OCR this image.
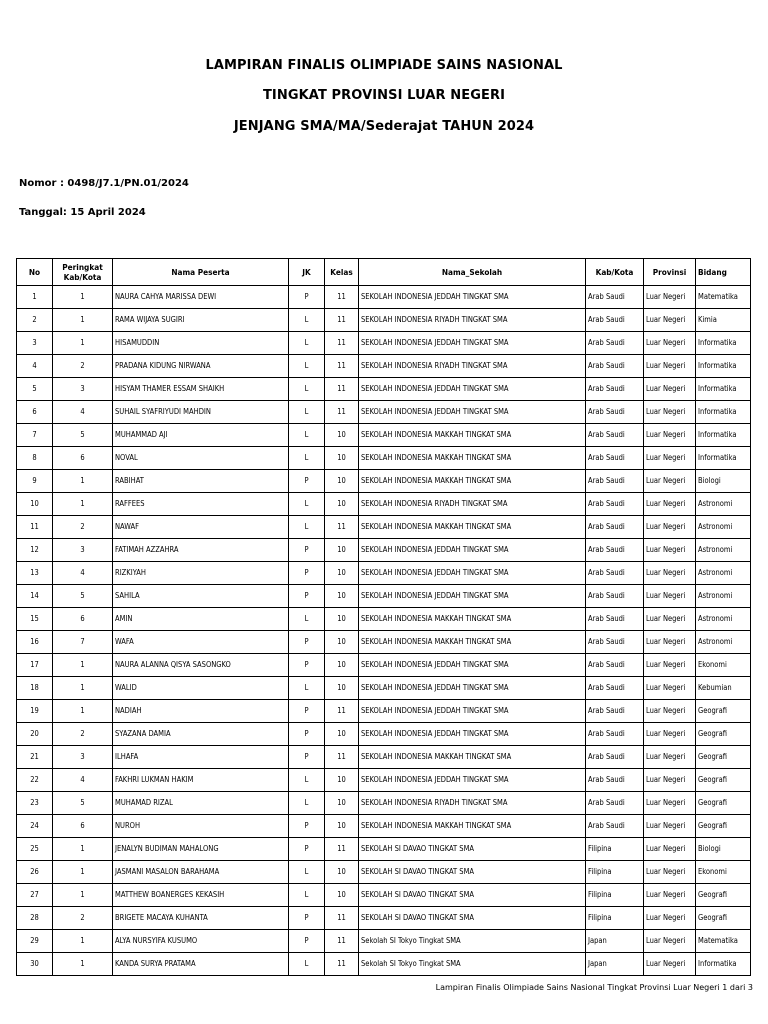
LAMPIRAN FINALIS OLIMPIADE SAINS NASIONAL
TINGKAT PROVINSI LUAR NEGERI
JENJANG SMA/MA/Sederajat TAHUN 2024
Nomor : 0498/J7.1/PN.01/2024
Tanggal: 15 April 2024
No	Peringkat Kab/Kota	Nama Peserta	JK	Kelas	Nama_Sekolah	Kab/Kota	Provinsi	Bidang
1	1	NAURA CAHYA MARISSA DEWI	P	11	SEKOLAH INDONESIA JEDDAH TINGKAT SMA	Arab Saudi	Luar Negeri	Matematika
2	1	RAMA WIJAYA SUGIRI	L	11	SEKOLAH INDONESIA RIYADH TINGKAT SMA	Arab Saudi	Luar Negeri	Kimia
3	1	HISAMUDDIN	L	11	SEKOLAH INDONESIA JEDDAH TINGKAT SMA	Arab Saudi	Luar Negeri	Informatika
4	2	PRADANA KIDUNG NIRWANA	L	11	SEKOLAH INDONESIA RIYADH TINGKAT SMA	Arab Saudi	Luar Negeri	Informatika
5	3	HISYAM THAMER ESSAM SHAIKH	L	11	SEKOLAH INDONESIA JEDDAH TINGKAT SMA	Arab Saudi	Luar Negeri	Informatika
6	4	SUHAIL SYAFRIYUDI MAHDIN	L	11	SEKOLAH INDONESIA JEDDAH TINGKAT SMA	Arab Saudi	Luar Negeri	Informatika
7	5	MUHAMMAD AJI	L	10	SEKOLAH INDONESIA MAKKAH TINGKAT SMA	Arab Saudi	Luar Negeri	Informatika
8	6	NOVAL	L	10	SEKOLAH INDONESIA MAKKAH TINGKAT SMA	Arab Saudi	Luar Negeri	Informatika
9	1	RABIHAT	P	10	SEKOLAH INDONESIA MAKKAH TINGKAT SMA	Arab Saudi	Luar Negeri	Biologi
10	1	RAFFEES	L	10	SEKOLAH INDONESIA RIYADH TINGKAT SMA	Arab Saudi	Luar Negeri	Astronomi
11	2	NAWAF	L	11	SEKOLAH INDONESIA MAKKAH TINGKAT SMA	Arab Saudi	Luar Negeri	Astronomi
12	3	FATIMAH AZZAHRA	P	10	SEKOLAH INDONESIA JEDDAH TINGKAT SMA	Arab Saudi	Luar Negeri	Astronomi
13	4	RIZKIYAH	P	10	SEKOLAH INDONESIA JEDDAH TINGKAT SMA	Arab Saudi	Luar Negeri	Astronomi
14	5	SAHILA	P	10	SEKOLAH INDONESIA JEDDAH TINGKAT SMA	Arab Saudi	Luar Negeri	Astronomi
15	6	AMIN	L	10	SEKOLAH INDONESIA MAKKAH TINGKAT SMA	Arab Saudi	Luar Negeri	Astronomi
16	7	WAFA	P	10	SEKOLAH INDONESIA MAKKAH TINGKAT SMA	Arab Saudi	Luar Negeri	Astronomi
17	1	NAURA ALANNA QISYA SASONGKO	P	10	SEKOLAH INDONESIA JEDDAH TINGKAT SMA	Arab Saudi	Luar Negeri	Ekonomi
18	1	WALID	L	10	SEKOLAH INDONESIA JEDDAH TINGKAT SMA	Arab Saudi	Luar Negeri	Kebumian
19	1	NADIAH	P	11	SEKOLAH INDONESIA JEDDAH TINGKAT SMA	Arab Saudi	Luar Negeri	Geografi
20	2	SYAZANA DAMIA	P	10	SEKOLAH INDONESIA JEDDAH TINGKAT SMA	Arab Saudi	Luar Negeri	Geografi
21	3	ILHAFA	P	11	SEKOLAH INDONESIA MAKKAH TINGKAT SMA	Arab Saudi	Luar Negeri	Geografi
22	4	FAKHRI LUKMAN HAKIM	L	10	SEKOLAH INDONESIA JEDDAH TINGKAT SMA	Arab Saudi	Luar Negeri	Geografi
23	5	MUHAMAD RIZAL	L	10	SEKOLAH INDONESIA RIYADH TINGKAT SMA	Arab Saudi	Luar Negeri	Geografi
24	6	NUROH	P	10	SEKOLAH INDONESIA MAKKAH TINGKAT SMA	Arab Saudi	Luar Negeri	Geografi
25	1	JENALYN BUDIMAN MAHALONG	P	11	SEKOLAH SI DAVAO TINGKAT SMA	Filipina	Luar Negeri	Biologi
26	1	JASMANI MASALON BARAHAMA	L	10	SEKOLAH SI DAVAO TINGKAT SMA	Filipina	Luar Negeri	Ekonomi
27	1	MATTHEW BOANERGES KEKASIH	L	10	SEKOLAH SI DAVAO TINGKAT SMA	Filipina	Luar Negeri	Geografi
28	2	BRIGETE MACAYA KUHANTA	P	11	SEKOLAH SI DAVAO TINGKAT SMA	Filipina	Luar Negeri	Geografi
29	1	ALYA NURSYIFA KUSUMO	P	11	Sekolah SI Tokyo Tingkat SMA	Japan	Luar Negeri	Matematika
30	1	KANDA SURYA PRATAMA	L	11	Sekolah SI Tokyo Tingkat SMA	Japan	Luar Negeri	Informatika
Lampiran Finalis Olimpiade Sains Nasional Tingkat Provinsi Luar Negeri 1 dari 3
